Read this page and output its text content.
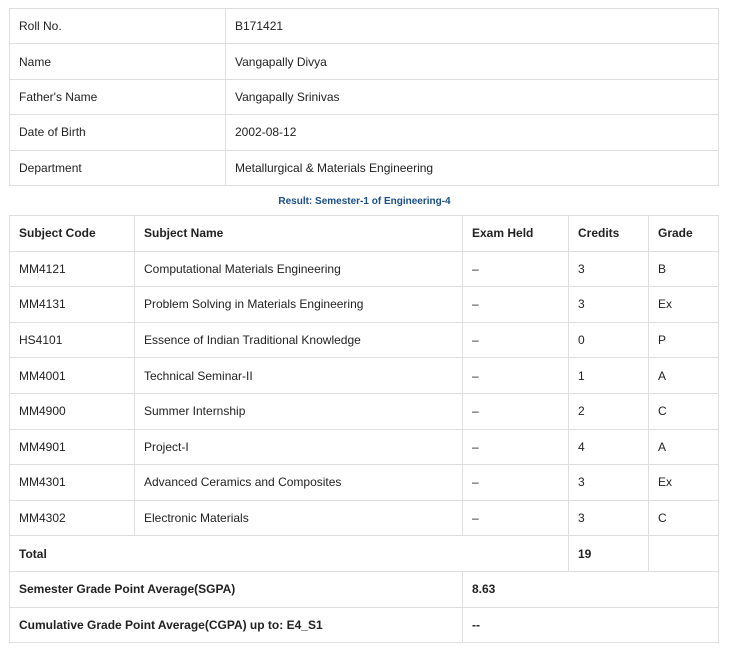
Roll No.	B171421
Name	Vangapally Divya
Father's Name	Vangapally Srinivas
Date of Birth	2002-08-12
Department	Metallurgical & Materials Engineering
Result: Semester-1 of Engineering-4
Subject Code	Subject Name	Exam Held	Credits	Grade
MM4121	Computational Materials Engineering	–	3	B
MM4131	Problem Solving in Materials Engineering	–	3	Ex
HS4101	Essence of Indian Traditional Knowledge	–	0	P
MM4001	Technical Seminar-II	–	1	A
MM4900	Summer Internship	–	2	C
MM4901	Project-I	–	4	A
MM4301	Advanced Ceramics and Composites	–	3	Ex
MM4302	Electronic Materials	–	3	C
Total			19	
Semester Grade Point Average(SGPA)		8.63		
Cumulative Grade Point Average(CGPA) up to: E4_S1		--		
